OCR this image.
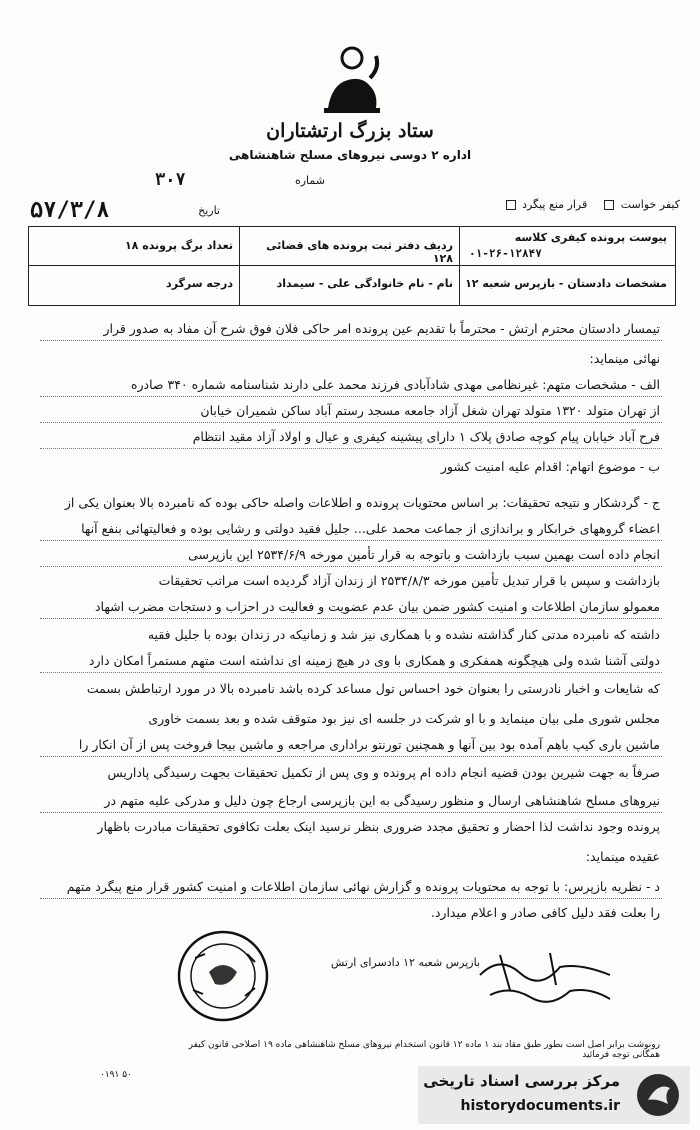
ستاد بزرگ ارتشتاران
اداره ۲ دوسی نیروهای مسلح شاهنشاهی
شماره
۳۰۷
تاریخ
۵۷/۳/۸	کیفر خواست     قرار منع پیگرد
پیوست پرونده کیفری کلاسه
۰۱-۲۶-۱۲۸۴۷
ردیف دفتر ثبت پرونده های قضائی ۱۲۸
تعداد برگ پرونده ۱۸
مشخصات دادستان - بازپرس شعبه ۱۲
نام - نام خانوادگی علی - سیمداد
درجه سرگرد
تیمسار دادستان محترم ارتش - محترماً با تقدیم عین پرونده امر حاکی فلان فوق شرح آن مفاد به صدور قرار
نهائی مینماید:
الف - مشخصات متهم: غیرنظامی مهدی شادآبادی فرزند محمد علی دارند شناسنامه شماره ۳۴۰ صادره
از تهران متولد ۱۳۲۰ متولد تهران شغل آزاد جامعه مسجد رستم آباد ساکن شمیران خیابان
فرح آباد خیابان پیام کوچه صادق پلاک ۱ دارای پیشینه کیفری و عیال و اولاد آزاد مقید انتظام
ب - موضوع اتهام: اقدام علیه امنیت کشور
ج - گردشکار و نتیجه تحقیقات: بر اساس محتویات پرونده و اطلاعات واصله حاکی بوده که نامبرده بالا بعنوان یکی از
اعضاء گروههای خرابکار و براندازی از جماعت محمد علی... جلیل فقید دولتی و رشایی بوده و فعالیتهائی بنفع آنها
انجام داده است بهمین سبب بازداشت و باتوجه به قرار تأمین مورخه ۲۵۳۴/۶/۹ این بازپرسی
بازداشت و سپس با قرار تبدیل تأمین مورخه ۲۵۳۴/۸/۳ از زندان آزاد گردیده است مراتب تحقیقات
معمولو سازمان اطلاعات و امنیت کشور ضمن بیان عدم عضویت و فعالیت در احزاب و دستجات مضرب اشهاد
داشته که نامبرده مدتی کنار گذاشته نشده و با همکاری نیز شد و زمانیکه در زندان بوده با جلیل فقیه
دولتی آشنا شده ولی هیچگونه همفکری و همکاری با وی در هیچ زمینه ای نداشته است متهم مستمراً امکان دارد
که شایعات و اخبار نادرستی را بعنوان خود احساس تول مساعد کرده باشد نامبرده بالا در مورد ارتباطش بسمت
مجلس شوری ملی بیان مینماید و با او شرکت در جلسه ای نیز بود متوقف شده و بعد بسمت خاوری
ماشین باری کیپ باهم آمده بود بین آنها و همچنین تورنتو براداری مراجعه و ماشین بیجا فروخت پس از آن انکار را
صرفاً به جهت شیرین بودن قضیه انجام داده ام پرونده و وی پس از تکمیل تحقیقات بجهت رسیدگی پاداریس
نیروهای مسلح شاهنشاهی ارسال و منظور رسیدگی به این بازپرسی ارجاع چون دلیل و مدرکی علیه متهم در
پرونده وجود نداشت لذا احضار و تحقیق مجدد ضروری بنظر نرسید اینک بعلت تکافوی تحقیقات مبادرت باظهار
عقیده مینماید:
د - نظریه بازپرس: با توجه به محتویات پرونده و گزارش نهائی سازمان اطلاعات و امنیت کشور قرار منع پیگرد متهم
را بعلت فقد دلیل کافی صادر و اعلام میدارد.
بازپرس شعبه ۱۲ دادسرای ارتش
رونوشت برابر اصل است بطور طبق مقاد بند ۱ ماده ۱۲ قانون استخدام نیروهای مسلح شاهنشاهی ماده ۱۹ اصلاحی قانون کیفر
همگانی توجه فرمائید
۰۱۹۱ ۵۰	مرکز بررسی اسناد تاریخی
historydocuments.ir
